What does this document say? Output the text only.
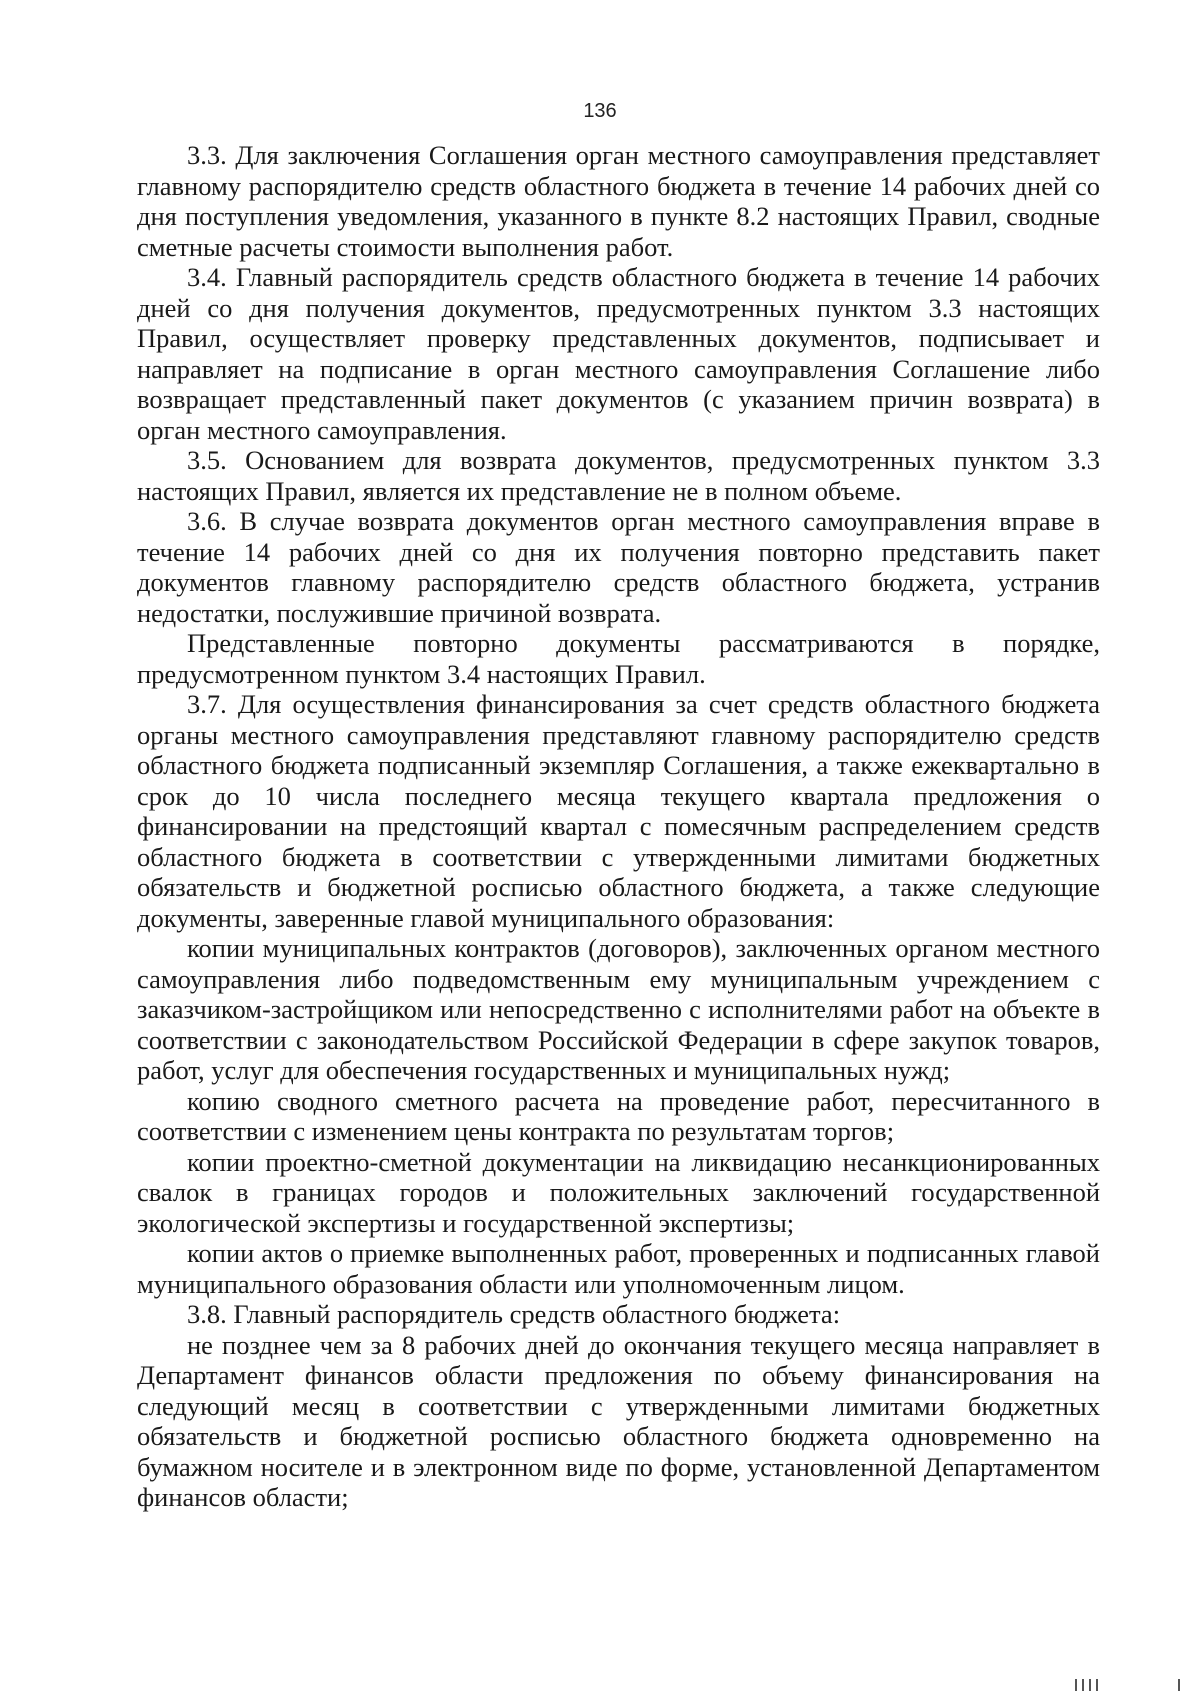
136

3.3. Для заключения Соглашения орган местного самоуправления представляет главному распорядителю средств областного бюджета в течение 14 рабочих дней со дня поступления уведомления, указанного в пункте 8.2 настоящих Правил, сводные сметные расчеты стоимости выполнения работ.

3.4. Главный распорядитель средств областного бюджета в течение 14 рабочих дней со дня получения документов, предусмотренных пунктом 3.3 настоящих Правил, осуществляет проверку представленных документов, подписывает и направляет на подписание в орган местного самоуправления Соглашение либо возвращает представленный пакет документов (с указанием причин возврата) в орган местного самоуправления.

3.5. Основанием для возврата документов, предусмотренных пунктом 3.3 настоящих Правил, является их представление не в полном объеме.

3.6. В случае возврата документов орган местного самоуправления вправе в течение 14 рабочих дней со дня их получения повторно представить пакет документов главному распорядителю средств областного бюджета, устранив недостатки, послужившие причиной возврата.

Представленные повторно документы рассматриваются в порядке, предусмотренном пунктом 3.4 настоящих Правил.

3.7. Для осуществления финансирования за счет средств областного бюджета органы местного самоуправления представляют главному распорядителю средств областного бюджета подписанный экземпляр Соглашения, а также ежеквартально в срок до 10 числа последнего месяца текущего квартала предложения о финансировании на предстоящий квартал с помесячным распределением средств областного бюджета в соответствии с утвержденными лимитами бюджетных обязательств и бюджетной росписью областного бюджета, а также следующие документы, заверенные главой муниципального образования:

копии муниципальных контрактов (договоров), заключенных органом местного самоуправления либо подведомственным ему муниципальным учреждением с заказчиком-застройщиком или непосредственно с исполнителями работ на объекте в соответствии с законодательством Российской Федерации в сфере закупок товаров, работ, услуг для обеспечения государственных и муниципальных нужд;

копию сводного сметного расчета на проведение работ, пересчитанного в соответствии с изменением цены контракта по результатам торгов;

копии проектно-сметной документации на ликвидацию несанкционированных свалок в границах городов и положительных заключений государственной экологической экспертизы и государственной экспертизы;

копии актов о приемке выполненных работ, проверенных и подписанных главой муниципального образования области или уполномоченным лицом.

3.8. Главный распорядитель средств областного бюджета:

не позднее чем за 8 рабочих дней до окончания текущего месяца направляет в Департамент финансов области предложения по объему финансирования на следующий месяц в соответствии с утвержденными лимитами бюджетных обязательств и бюджетной росписью областного бюджета одновременно на бумажном носителе и в электронном виде по форме, установленной Департаментом финансов области;
